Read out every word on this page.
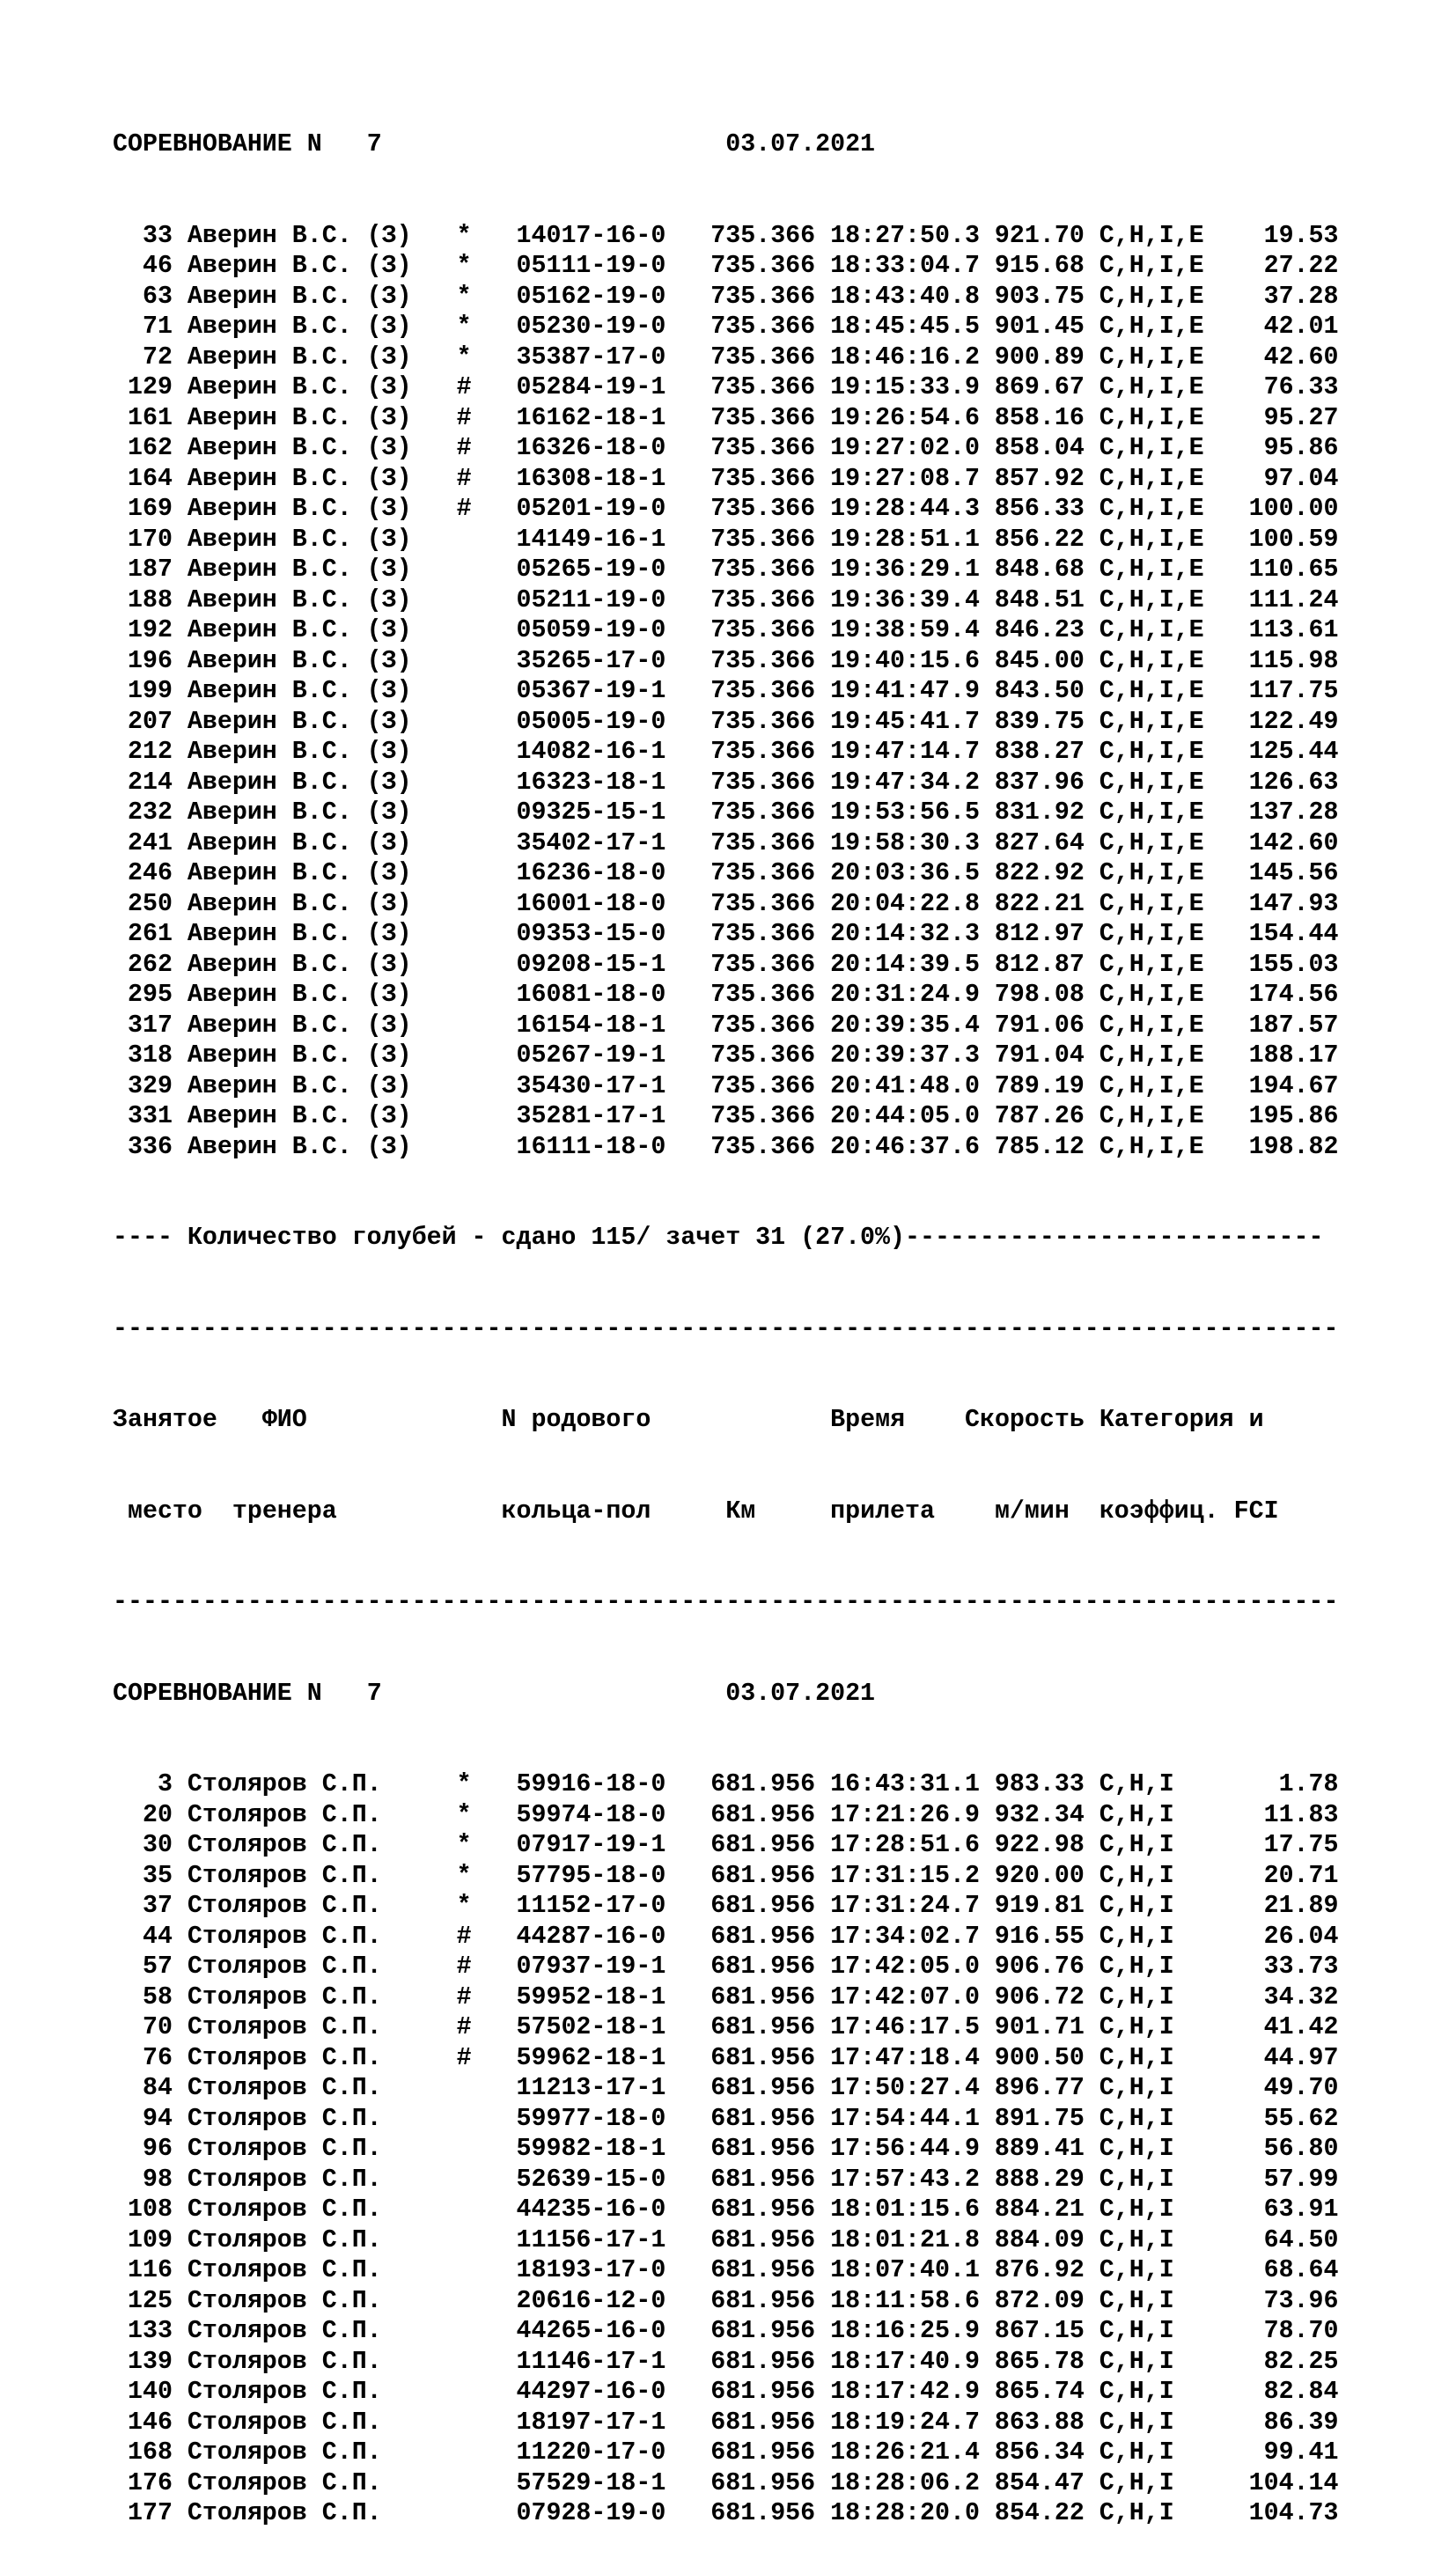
СОРЕВНОВАНИЕ N 7	03.07.2021

33 Аверин В.С. (З)   *   14017-16-0   735.366 18:27:50.3 921.70 C,H,I,E    19.53
46 Аверин В.С. (З)   *   05111-19-0   735.366 18:33:04.7 915.68 C,H,I,E    27.22
63 Аверин В.С. (З)   *   05162-19-0   735.366 18:43:40.8 903.75 C,H,I,E    37.28
71 Аверин В.С. (З)   *   05230-19-0   735.366 18:45:45.5 901.45 C,H,I,E    42.01
72 Аверин В.С. (З)   *   35387-17-0   735.366 18:46:16.2 900.89 C,H,I,E    42.60
129 Аверин В.С. (З)   #   05284-19-1   735.366 19:15:33.9 869.67 C,H,I,E    76.33
161 Аверин В.С. (З)   #   16162-18-1   735.366 19:26:54.6 858.16 C,H,I,E    95.27
162 Аверин В.С. (З)   #   16326-18-0   735.366 19:27:02.0 858.04 C,H,I,E    95.86
164 Аверин В.С. (З)   #   16308-18-1   735.366 19:27:08.7 857.92 C,H,I,E    97.04
169 Аверин В.С. (З)   #   05201-19-0   735.366 19:28:44.3 856.33 C,H,I,E   100.00
170 Аверин В.С. (З)       14149-16-1   735.366 19:28:51.1 856.22 C,H,I,E   100.59
187 Аверин В.С. (З)       05265-19-0   735.366 19:36:29.1 848.68 C,H,I,E   110.65
188 Аверин В.С. (З)       05211-19-0   735.366 19:36:39.4 848.51 C,H,I,E   111.24
192 Аверин В.С. (З)       05059-19-0   735.366 19:38:59.4 846.23 C,H,I,E   113.61
196 Аверин В.С. (З)       35265-17-0   735.366 19:40:15.6 845.00 C,H,I,E   115.98
199 Аверин В.С. (З)       05367-19-1   735.366 19:41:47.9 843.50 C,H,I,E   117.75
207 Аверин В.С. (З)       05005-19-0   735.366 19:45:41.7 839.75 C,H,I,E   122.49
212 Аверин В.С. (З)       14082-16-1   735.366 19:47:14.7 838.27 C,H,I,E   125.44
214 Аверин В.С. (З)       16323-18-1   735.366 19:47:34.2 837.96 C,H,I,E   126.63
232 Аверин В.С. (З)       09325-15-1   735.366 19:53:56.5 831.92 C,H,I,E   137.28
241 Аверин В.С. (З)       35402-17-1   735.366 19:58:30.3 827.64 C,H,I,E   142.60
246 Аверин В.С. (З)       16236-18-0   735.366 20:03:36.5 822.92 C,H,I,E   145.56
250 Аверин В.С. (З)       16001-18-0   735.366 20:04:22.8 822.21 C,H,I,E   147.93
261 Аверин В.С. (З)       09353-15-0   735.366 20:14:32.3 812.97 C,H,I,E   154.44
262 Аверин В.С. (З)       09208-15-1   735.366 20:14:39.5 812.87 C,H,I,E   155.03
295 Аверин В.С. (З)       16081-18-0   735.366 20:31:24.9 798.08 C,H,I,E   174.56
317 Аверин В.С. (З)       16154-18-1   735.366 20:39:35.4 791.06 C,H,I,E   187.57
318 Аверин В.С. (З)       05267-19-1   735.366 20:39:37.3 791.04 C,H,I,E   188.17
329 Аверин В.С. (З)       35430-17-1   735.366 20:41:48.0 789.19 C,H,I,E   194.67
331 Аверин В.С. (З)       35281-17-1   735.366 20:44:05.0 787.26 C,H,I,E   195.86
336 Аверин В.С. (З)       16111-18-0   735.366 20:46:37.6 785.12 C,H,I,E   198.82

---- Количество голубей - сдано 115/ зачет 31 (27.0%)----------------------------

----------------------------------------------------------------------------------

Занятое ФИО	N родового	Время Скорость Категория и

место тренера	кольца-пол	Км	прилета м/мин коэффиц. FCI

----------------------------------------------------------------------------------

СОРЕВНОВАНИЕ N 7	03.07.2021

3 Столяров С.П.     *   59916-18-0   681.956 16:43:31.1 983.33 C,H,I       1.78
20 Столяров С.П.     *   59974-18-0   681.956 17:21:26.9 932.34 C,H,I      11.83
30 Столяров С.П.     *   07917-19-1   681.956 17:28:51.6 922.98 C,H,I      17.75
35 Столяров С.П.     *   57795-18-0   681.956 17:31:15.2 920.00 C,H,I      20.71
37 Столяров С.П.     *   11152-17-0   681.956 17:31:24.7 919.81 C,H,I      21.89
44 Столяров С.П.     #   44287-16-0   681.956 17:34:02.7 916.55 C,H,I      26.04
57 Столяров С.П.     #   07937-19-1   681.956 17:42:05.0 906.76 C,H,I      33.73
58 Столяров С.П.     #   59952-18-1   681.956 17:42:07.0 906.72 C,H,I      34.32
70 Столяров С.П.     #   57502-18-1   681.956 17:46:17.5 901.71 C,H,I      41.42
76 Столяров С.П.     #   59962-18-1   681.956 17:47:18.4 900.50 C,H,I      44.97
84 Столяров С.П.         11213-17-1   681.956 17:50:27.4 896.77 C,H,I      49.70
94 Столяров С.П.         59977-18-0   681.956 17:54:44.1 891.75 C,H,I      55.62
96 Столяров С.П.         59982-18-1   681.956 17:56:44.9 889.41 C,H,I      56.80
98 Столяров С.П.         52639-15-0   681.956 17:57:43.2 888.29 C,H,I      57.99
108 Столяров С.П.         44235-16-0   681.956 18:01:15.6 884.21 C,H,I      63.91
109 Столяров С.П.         11156-17-1   681.956 18:01:21.8 884.09 C,H,I      64.50
116 Столяров С.П.         18193-17-0   681.956 18:07:40.1 876.92 C,H,I      68.64
125 Столяров С.П.         20616-12-0   681.956 18:11:58.6 872.09 C,H,I      73.96
133 Столяров С.П.         44265-16-0   681.956 18:16:25.9 867.15 C,H,I      78.70
139 Столяров С.П.         11146-17-1   681.956 18:17:40.9 865.78 C,H,I      82.25
140 Столяров С.П.         44297-16-0   681.956 18:17:42.9 865.74 C,H,I      82.84
146 Столяров С.П.         18197-17-1   681.956 18:19:24.7 863.88 C,H,I      86.39
168 Столяров С.П.         11220-17-0   681.956 18:26:21.4 856.34 C,H,I      99.41
176 Столяров С.П.         57529-18-1   681.956 18:28:06.2 854.47 C,H,I     104.14
177 Столяров С.П.         07928-19-0   681.956 18:28:20.0 854.22 C,H,I     104.73
